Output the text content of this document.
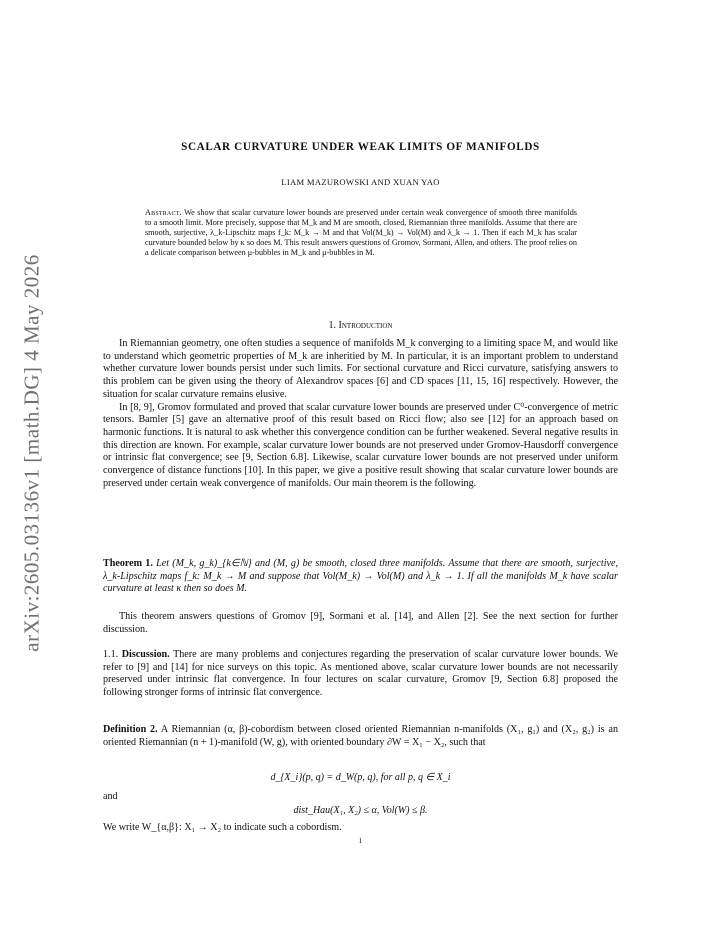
arXiv:2605.03136v1 [math.DG] 4 May 2026
SCALAR CURVATURE UNDER WEAK LIMITS OF MANIFOLDS
LIAM MAZUROWSKI AND XUAN YAO
Abstract. We show that scalar curvature lower bounds are preserved under certain weak convergence of smooth three manifolds to a smooth limit. More precisely, suppose that M_k and M are smooth, closed, Riemannian three manifolds. Assume that there are smooth, surjective, λ_k-Lipschitz maps f_k: M_k → M and that Vol(M_k) → Vol(M) and λ_k → 1. Then if each M_k has scalar curvature bounded below by κ so does M. This result answers questions of Gromov, Sormani, Allen, and others. The proof relies on a delicate comparison between μ-bubbles in M_k and μ-bubbles in M.
1. Introduction

In Riemannian geometry, one often studies a sequence of manifolds M_k converging to a limiting space M, and would like to understand which geometric properties of M_k are inheritied by M. In particular, it is an important problem to understand whether curvature lower bounds persist under such limits. For sectional curvature and Ricci curvature, satisfying answers to this problem can be given using the theory of Alexandrov spaces [6] and CD spaces [11, 15, 16] respectively. However, the situation for scalar curvature remains elusive.

In [8, 9], Gromov formulated and proved that scalar curvature lower bounds are preserved under C⁰-convergence of metric tensors. Bamler [5] gave an alternative proof of this result based on Ricci flow; also see [12] for an approach based on harmonic functions. It is natural to ask whether this convergence condition can be further weakened. Several negative results in this direction are known. For example, scalar curvature lower bounds are not preserved under Gromov-Hausdorff convergence or intrinsic flat convergence; see [9, Section 6.8]. Likewise, scalar curvature lower bounds are not preserved under uniform convergence of distance functions [10]. In this paper, we give a positive result showing that scalar curvature lower bounds are preserved under certain weak convergence of manifolds. Our main theorem is the following.

Theorem 1. Let (M_k, g_k)_{k∈ℕ} and (M, g) be smooth, closed three manifolds. Assume that there are smooth, surjective, λ_k-Lipschitz maps f_k: M_k → M and suppose that Vol(M_k) → Vol(M) and λ_k → 1. If all the manifolds M_k have scalar curvature at least κ then so does M.

This theorem answers questions of Gromov [9], Sormani et al. [14], and Allen [2]. See the next section for further discussion.

1.1. Discussion. There are many problems and conjectures regarding the preservation of scalar curvature lower bounds. We refer to [9] and [14] for nice surveys on this topic. As mentioned above, scalar curvature lower bounds are not necessarily preserved under intrinsic flat convergence. In four lectures on scalar curvature, Gromov [9, Section 6.8] proposed the following stronger forms of intrinsic flat convergence.

Definition 2. A Riemannian (α, β)-cobordism between closed oriented Riemannian n-manifolds (X₁, g₁) and (X₂, g₂) is an oriented Riemannian (n + 1)-manifold (W, g), with oriented boundary ∂W = X₁ − X₂, such that

d_{X_i}(p, q) = d_W(p, q), for all p, q ∈ X_i

and

dist_Hau(X₁, X₂) ≤ α, Vol(W) ≤ β.

We write W_{α,β}: X₁ → X₂ to indicate such a cobordism.

1
